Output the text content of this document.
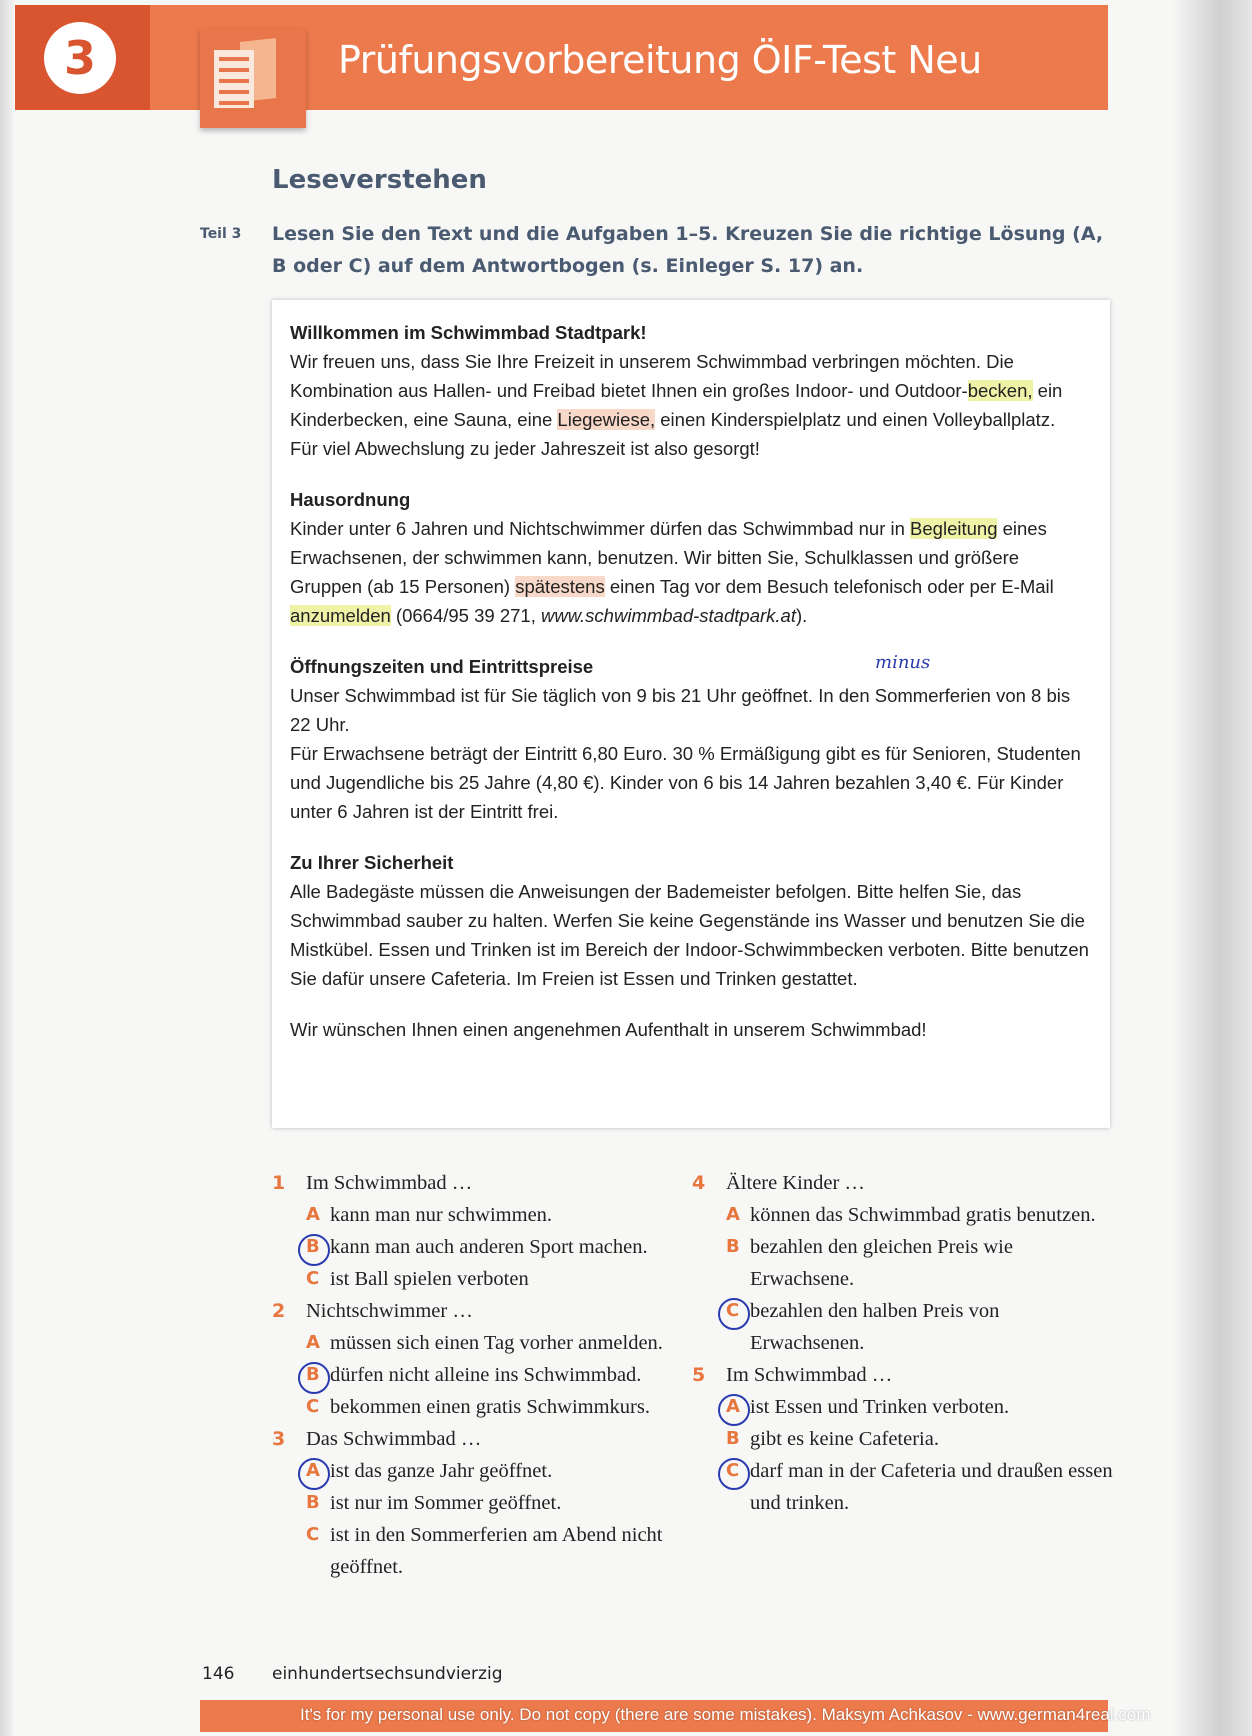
3	Prüfungsvorbereitung ÖIF-Test Neu
Leseverstehen
Teil 3 Lesen Sie den Text und die Aufgaben 1–5. Kreuzen Sie die richtige Lösung (A, B oder C) auf dem Antwortbogen (s. Einleger S. 17) an.
Willkommen im Schwimmbad Stadtpark!

Wir freuen uns, dass Sie Ihre Freizeit in unserem Schwimmbad verbringen möchten. Die Kombination aus Hallen- und Freibad bietet Ihnen ein großes Indoor- und Outdoor-becken, ein Kinderbecken, eine Sauna, eine Liegewiese, einen Kinderspielplatz und einen Volleyballplatz.
Für viel Abwechslung zu jeder Jahreszeit ist also gesorgt!

Hausordnung

Kinder unter 6 Jahren und Nichtschwimmer dürfen das Schwimmbad nur in Begleitung eines Erwachsenen, der schwimmen kann, benutzen. Wir bitten Sie, Schulklassen und größere Gruppen (ab 15 Personen) spätestens einen Tag vor dem Besuch telefonisch oder per E-Mail anzumelden (0664/95 39 271, www.schwimmbad-stadtpark.at).

Öffnungszeiten und Eintrittspreise

Unser Schwimmbad ist für Sie täglich von 9 bis 21 Uhr geöffnet. In den Sommerferien von 8 bis 22 Uhr.
Für Erwachsene beträgt der Eintritt 6,80 Euro. 30 % Ermäßigung gibt es für Senioren, Studenten und Jugendliche bis 25 Jahre (4,80 €). Kinder von 6 bis 14 Jahren bezahlen 3,40 €. Für Kinder unter 6 Jahren ist der Eintritt frei.

Zu Ihrer Sicherheit

Alle Badegäste müssen die Anweisungen der Bademeister befolgen. Bitte helfen Sie, das Schwimmbad sauber zu halten. Werfen Sie keine Gegenstände ins Wasser und benutzen Sie die Mistkübel. Essen und Trinken ist im Bereich der Indoor-Schwimmbecken verboten. Bitte benutzen Sie dafür unsere Cafeteria. Im Freien ist Essen und Trinken gestattet.

Wir wünschen Ihnen einen angenehmen Aufenthalt in unserem Schwimmbad!

minus
1 Im Schwimmbad …
A kann man nur schwimmen.
B kann man auch anderen Sport machen.
C ist Ball spielen verboten
2 Nichtschwimmer …
A müssen sich einen Tag vorher anmelden.
B dürfen nicht alleine ins Schwimmbad.
C bekommen einen gratis Schwimmkurs.
3 Das Schwimmbad …
A ist das ganze Jahr geöffnet.
B ist nur im Sommer geöffnet.
C ist in den Sommerferien am Abend nicht geöffnet.
4 Ältere Kinder …
A können das Schwimmbad gratis benutzen.
B bezahlen den gleichen Preis wie Erwachsene.
C bezahlen den halben Preis von Erwachsenen.
5 Im Schwimmbad …
A ist Essen und Trinken verboten.
B gibt es keine Cafeteria.
C darf man in der Cafeteria und draußen essen und trinken.
146 einhundertsechsundvierzig
It's for my personal use only. Do not copy (there are some mistakes). Maksym Achkasov - www.german4real.com
